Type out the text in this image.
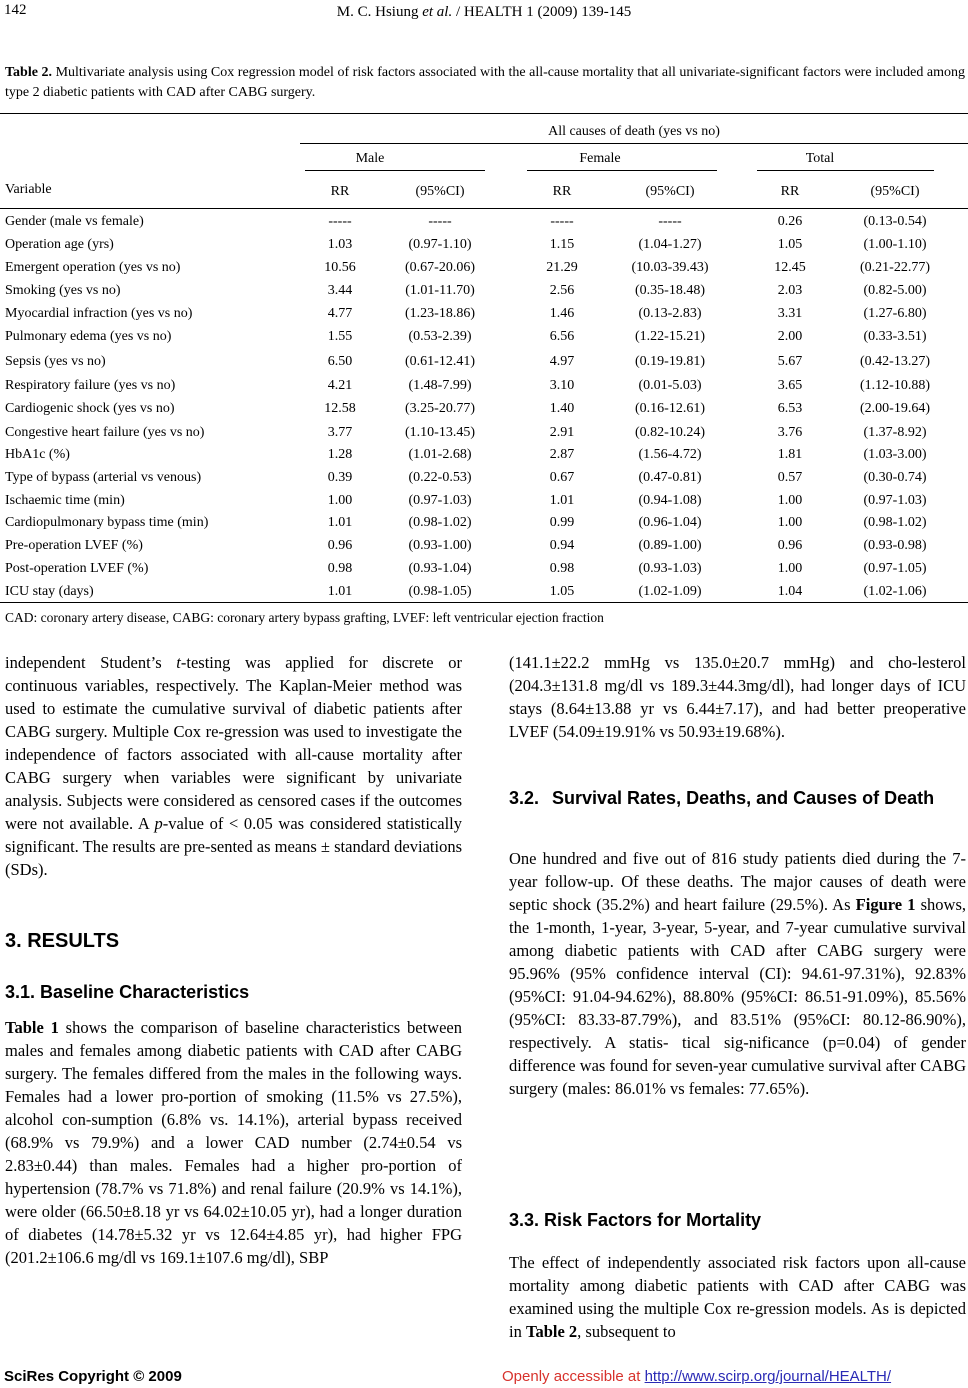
142	M. C. Hsiung et al. / HEALTH 1 (2009) 139-145
Table 2. Multivariate analysis using Cox regression model of risk factors associated with the all-cause mortality that all univariate-significant factors were included among type 2 diabetic patients with CAD after CABG surgery.
All causes of death (yes vs no)
Male	Female	Total
Variable	RR	(95%CI)	RR	(95%CI)	RR	(95%CI)
Gender (male vs female)	-----	-----	-----	-----	0.26	(0.13-0.54)
Operation age (yrs)	1.03	(0.97-1.10)	1.15	(1.04-1.27)	1.05	(1.00-1.10)
Emergent operation (yes vs no)	10.56	(0.67-20.06)	21.29	(10.03-39.43)	12.45	(0.21-22.77)
Smoking (yes vs no)	3.44	(1.01-11.70)	2.56	(0.35-18.48)	2.03	(0.82-5.00)
Myocardial infraction (yes vs no)	4.77	(1.23-18.86)	1.46	(0.13-2.83)	3.31	(1.27-6.80)
Pulmonary edema (yes vs no)	1.55	(0.53-2.39)	6.56	(1.22-15.21)	2.00	(0.33-3.51)
Sepsis (yes vs no)	6.50	(0.61-12.41)	4.97	(0.19-19.81)	5.67	(0.42-13.27)
Respiratory failure (yes vs no)	4.21	(1.48-7.99)	3.10	(0.01-5.03)	3.65	(1.12-10.88)
Cardiogenic shock (yes vs no)	12.58	(3.25-20.77)	1.40	(0.16-12.61)	6.53	(2.00-19.64)
Congestive heart failure (yes vs no)	3.77	(1.10-13.45)	2.91	(0.82-10.24)	3.76	(1.37-8.92)
HbA1c (%)	1.28	(1.01-2.68)	2.87	(1.56-4.72)	1.81	(1.03-3.00)
Type of bypass (arterial vs venous)	0.39	(0.22-0.53)	0.67	(0.47-0.81)	0.57	(0.30-0.74)
Ischaemic time (min)	1.00	(0.97-1.03)	1.01	(0.94-1.08)	1.00	(0.97-1.03)
Cardiopulmonary bypass time (min)	1.01	(0.98-1.02)	0.99	(0.96-1.04)	1.00	(0.98-1.02)
Pre-operation LVEF (%)	0.96	(0.93-1.00)	0.94	(0.89-1.00)	0.96	(0.93-0.98)
Post-operation LVEF (%)	0.98	(0.93-1.04)	0.98	(0.93-1.03)	1.00	(0.97-1.05)
ICU stay (days)	1.01	(0.98-1.05)	1.05	(1.02-1.09)	1.04	(1.02-1.06)
CAD: coronary artery disease, CABG: coronary artery bypass grafting, LVEF: left ventricular ejection fraction

independent Student’s t-testing was applied for discrete or continuous variables, respectively. The Kaplan-Meier method was used to estimate the cumulative survival of diabetic patients after CABG surgery. Multiple Cox re-gression was used to investigate the independence of factors associated with all-cause mortality after CABG surgery when variables were significant by univariate analysis. Subjects were considered as censored cases if the outcomes were not available. A p-value of < 0.05 was considered statistically significant. The results are pre-sented as means ± standard deviations (SDs).

3. RESULTS
3.1. Baseline Characteristics

Table 1 shows the comparison of baseline characteristics between males and females among diabetic patients with CAD after CABG surgery. The females differed from the males in the following ways. Females had a lower pro-portion of smoking (11.5% vs 27.5%), alcohol con-sumption (6.8% vs. 14.1%), arterial bypass received (68.9% vs 79.9%) and a lower CAD number (2.74±0.54 vs 2.83±0.44) than males. Females had a higher pro-portion of hypertension (78.7% vs 71.8%) and renal failure (20.9% vs 14.1%), were older (66.50±8.18 yr vs 64.02±10.05 yr), had a longer duration of diabetes (14.78±5.32 yr vs 12.64±4.85 yr), had higher FPG (201.2±106.6 mg/dl vs 169.1±107.6 mg/dl), SBP

(141.1±22.2 mmHg vs 135.0±20.7 mmHg) and cho-lesterol (204.3±131.8 mg/dl vs 189.3±44.3mg/dl), had longer days of ICU stays (8.64±13.88 yr vs 6.44±7.17), and had better preoperative LVEF (54.09±19.91% vs 50.93±19.68%).

3.2. Survival Rates, Deaths, and Causes of Death

One hundred and five out of 816 study patients died during the 7-year follow-up. Of these deaths. The major causes of death were septic shock (35.2%) and heart failure (29.5%). As Figure 1 shows, the 1-month, 1-year, 3-year, 5-year, and 7-year cumulative survival among diabetic patients with CAD after CABG surgery were 95.96% (95% confidence interval (CI): 94.61-97.31%), 92.83% (95%CI: 91.04-94.62%), 88.80% (95%CI: 86.51-91.09%), 85.56% (95%CI: 83.33-87.79%), and 83.51% (95%CI: 80.12-86.90%), respectively. A statis- tical sig-nificance (p=0.04) of gender difference was found for seven-year cumulative survival after CABG surgery (males: 86.01% vs females: 77.65%).

3.3. Risk Factors for Mortality

The effect of independently associated risk factors upon all-cause mortality among diabetic patients with CAD after CABG was examined using the multiple Cox re-gression models. As is depicted in Table 2, subsequent to

SciRes Copyright © 2009	Openly accessible at http://www.scirp.org/journal/HEALTH/
